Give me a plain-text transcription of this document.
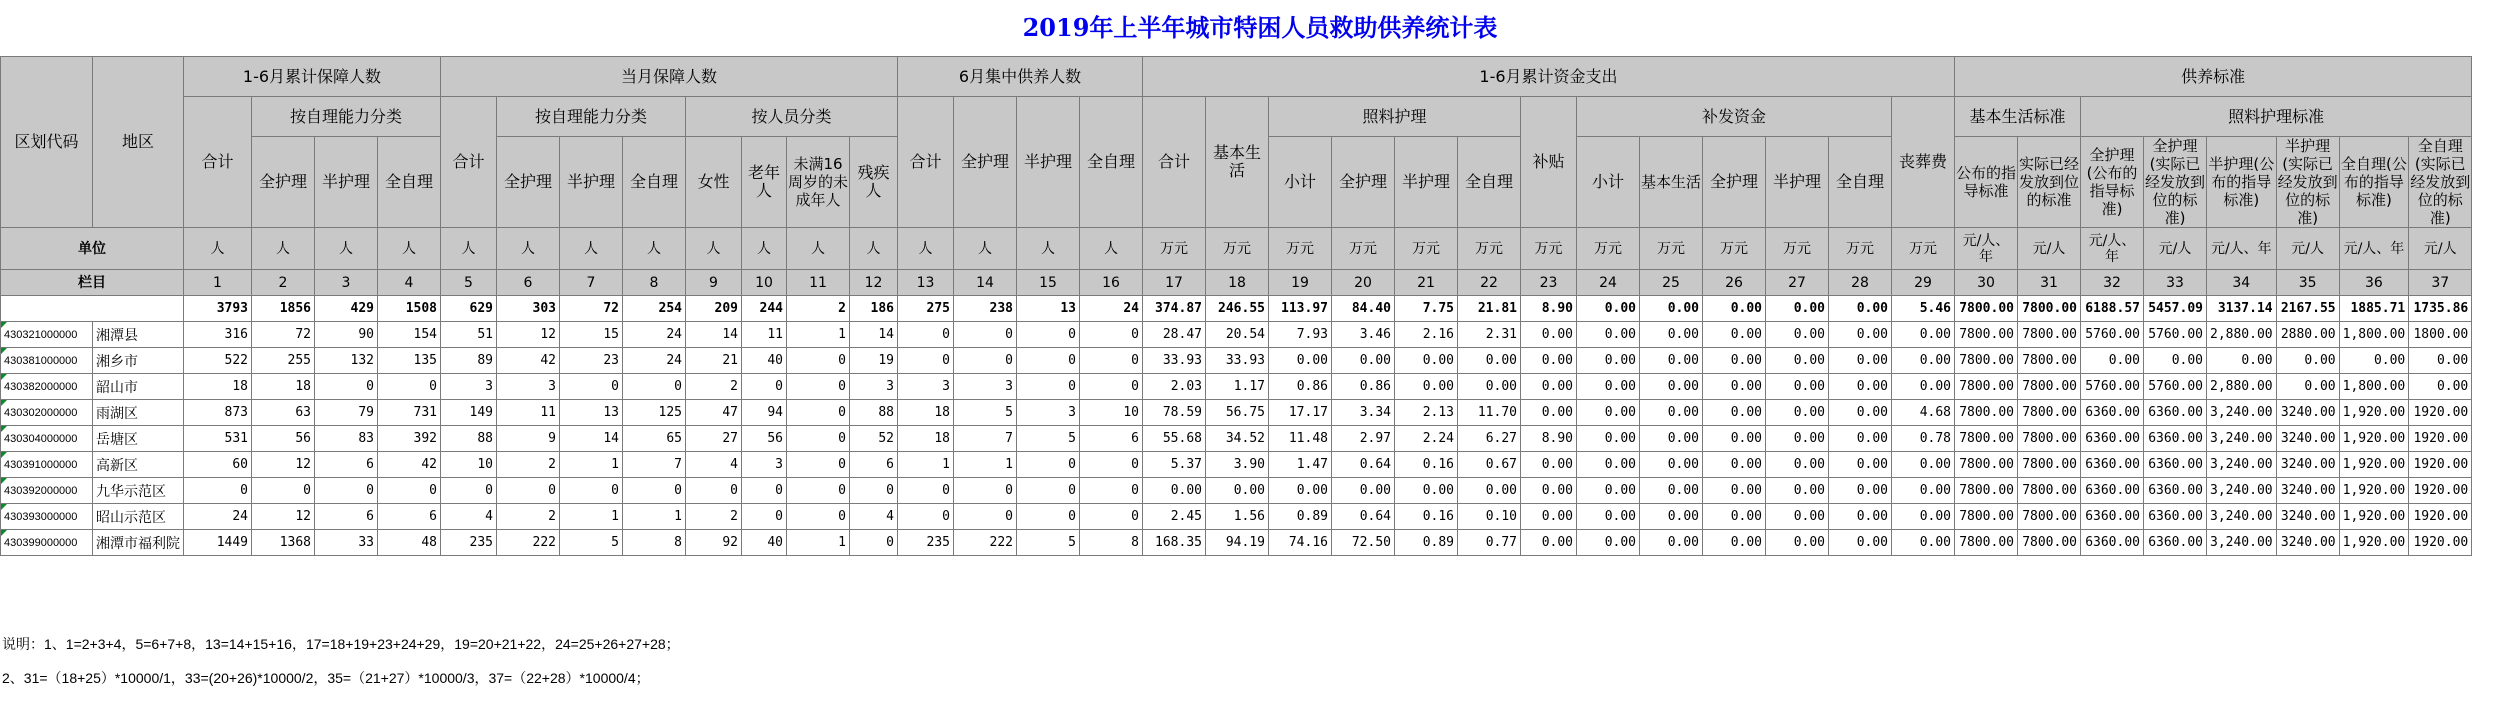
2019年上半年城市特困人员救助供养统计表
区划代码	地区	1-6月累计保障人数				当月保障人数								6月集中供养人数				1-6月累计资金支出													供养标准							
		合计	按自理能力分类			合计	按自理能力分类			按人员分类				合计	全护理	半护理	全自理	合计	基本生活	照料护理				补贴	补发资金					丧葬费	基本生活标准		照料护理标准					
			全护理	半护理	全自理		全护理	半护理	全自理	女性	老年人	未满16周岁的未成年人	残疾人							小计	全护理	半护理	全自理		小计	基本生活	全护理	半护理	全自理		公布的指导标准	实际已经发放到位的标准	全护理(公布的指导标准)	全护理(实际已经发放到位的标准)	半护理(公布的指导标准)	半护理(实际已经发放到位的标准)	全自理(公布的指导标准)	全自理(实际已经发放到位的标准)

单位		人	人	人	人	人	人	人	人	人	人	人	人	人	人	人	人	万元	万元	万元	万元	万元	万元	万元	万元	万元	万元	万元	万元	万元	元/人、年	元/人	元/人、年	元/人	元/人、年	元/人	元/人、年	元/人
栏目		1	2	3	4	5	6	7	8	9	10	11	12	13	14	15	16	17	18	19	20	21	22	23	24	25	26	27	28	29	30	31	32	33	34	35	36	37
		3793	1856	429	1508	629	303	72	254	209	244	2	186	275	238	13	24	374.87	246.55	113.97	84.40	7.75	21.81	8.90	0.00	0.00	0.00	0.00	0.00	5.46	7800.00	7800.00	6188.57	5457.09	3137.14	2167.55	1885.71	1735.86
430321000000	湘潭县	316	72	90	154	51	12	15	24	14	11	1	14	0	0	0	0	28.47	20.54	7.93	3.46	2.16	2.31	0.00	0.00	0.00	0.00	0.00	0.00	0.00	7800.00	7800.00	5760.00	5760.00	2,880.00	2880.00	1,800.00	1800.00
430381000000	湘乡市	522	255	132	135	89	42	23	24	21	40	0	19	0	0	0	0	33.93	33.93	0.00	0.00	0.00	0.00	0.00	0.00	0.00	0.00	0.00	0.00	0.00	7800.00	7800.00	0.00	0.00	0.00	0.00	0.00	0.00
430382000000	韶山市	18	18	0	0	3	3	0	0	2	0	0	3	3	3	0	0	2.03	1.17	0.86	0.86	0.00	0.00	0.00	0.00	0.00	0.00	0.00	0.00	0.00	7800.00	7800.00	5760.00	5760.00	2,880.00	0.00	1,800.00	0.00
430302000000	雨湖区	873	63	79	731	149	11	13	125	47	94	0	88	18	5	3	10	78.59	56.75	17.17	3.34	2.13	11.70	0.00	0.00	0.00	0.00	0.00	0.00	4.68	7800.00	7800.00	6360.00	6360.00	3,240.00	3240.00	1,920.00	1920.00
430304000000	岳塘区	531	56	83	392	88	9	14	65	27	56	0	52	18	7	5	6	55.68	34.52	11.48	2.97	2.24	6.27	8.90	0.00	0.00	0.00	0.00	0.00	0.78	7800.00	7800.00	6360.00	6360.00	3,240.00	3240.00	1,920.00	1920.00
430391000000	高新区	60	12	6	42	10	2	1	7	4	3	0	6	1	1	0	0	5.37	3.90	1.47	0.64	0.16	0.67	0.00	0.00	0.00	0.00	0.00	0.00	0.00	7800.00	7800.00	6360.00	6360.00	3,240.00	3240.00	1,920.00	1920.00
430392000000	九华示范区	0	0	0	0	0	0	0	0	0	0	0	0	0	0	0	0	0.00	0.00	0.00	0.00	0.00	0.00	0.00	0.00	0.00	0.00	0.00	0.00	0.00	7800.00	7800.00	6360.00	6360.00	3,240.00	3240.00	1,920.00	1920.00
430393000000	昭山示范区	24	12	6	6	4	2	1	1	2	0	0	4	0	0	0	0	2.45	1.56	0.89	0.64	0.16	0.10	0.00	0.00	0.00	0.00	0.00	0.00	0.00	7800.00	7800.00	6360.00	6360.00	3,240.00	3240.00	1,920.00	1920.00
430399000000	湘潭市福利院	1449	1368	33	48	235	222	5	8	92	40	1	0	235	222	5	8	168.35	94.19	74.16	72.50	0.89	0.77	0.00	0.00	0.00	0.00	0.00	0.00	0.00	7800.00	7800.00	6360.00	6360.00	3,240.00	3240.00	1,920.00	1920.00
说明：1、1=2+3+4，5=6+7+8，13=14+15+16，17=18+19+23+24+29，19=20+21+22，24=25+26+27+28；
2、31=（18+25）*10000/1，33=(20+26)*10000/2，35=（21+27）*10000/3，37=（22+28）*10000/4；
